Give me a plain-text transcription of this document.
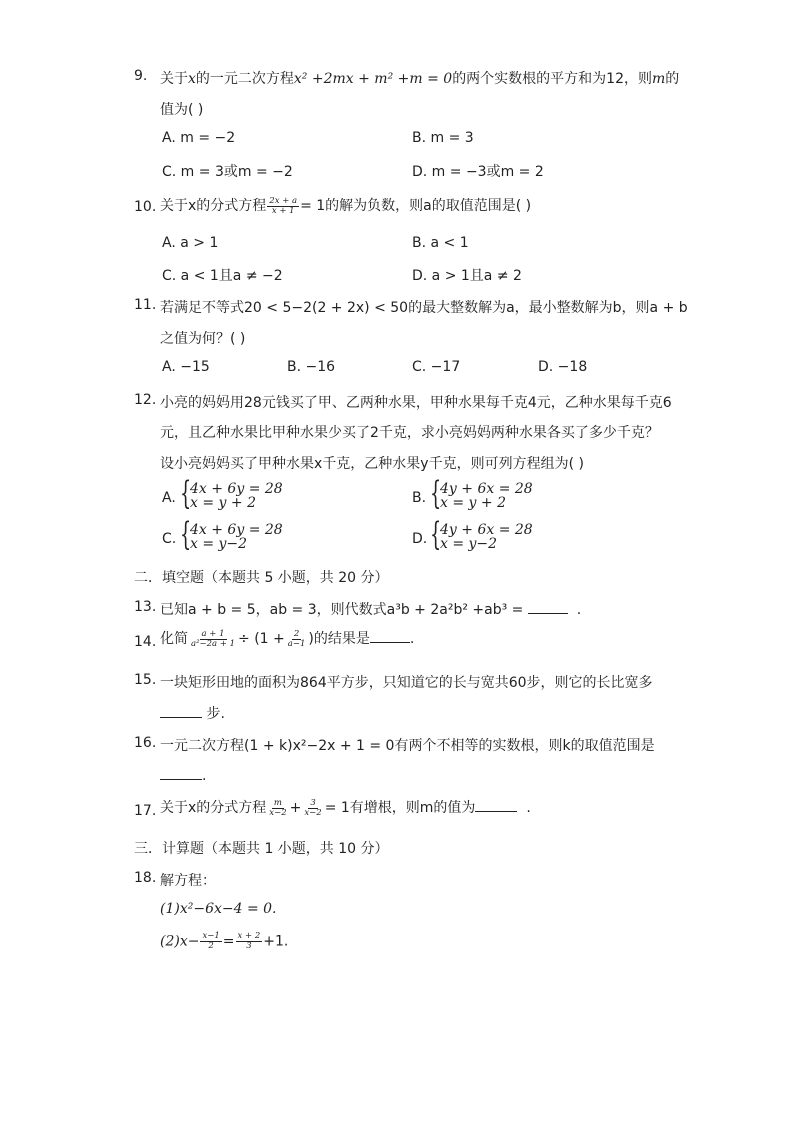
9. 关于x的一元二次方程x² +2mx + m² +m = 0的两个实数根的平方和为12，则m的
值为( )
A. m = −2	B. m = 3
C. m = 3或m = −2	D. m = −3或m = 2
10. 关于x的分式方程 $\frac{2x + a}{x + 1} = 1$的解为负数，则a的取值范围是( )
A. a > 1	B. a < 1
C. a < 1且a ≠ −2	D. a > 1且a ≠ 2
11. 若满足不等式20 < 5−2(2 + 2x) < 50的最大整数解为a，最小整数解为b，则a + b
之值为何？( )
A. −15	B. −16	C. −17	D. −18
12. 小亮的妈妈用28元钱买了甲、乙两种水果，甲种水果每千克4元，乙种水果每千克6
元，且乙种水果比甲种水果少买了2千克，求小亮妈妈两种水果各买了多少千克？
设小亮妈妈买了甲种水果x千克，乙种水果y千克，则可列方程组为( )
A. {
4x + 6y = 28
x = y + 2	B. {
4y + 6x = 28
x = y + 2
C. {
4x + 6y = 28
x = y−2	D. {
4y + 6x = 28
x = y−2
二．填空题（本题共 5 小题，共 20 分）
13. 已知a + b = 5，ab = 3，则代数式a³b + 2a²b² +ab³ =	.
14. 化简 $\frac{a + 1}{\text{a²−2a + 1}} \div (1 + \frac{2}{a-1}$ )的结果是	.
15. 一块矩形田地的面积为864平方步，只知道它的长与宽共60步，则它的长比宽多
步.
16. 一元二次方程(1 + k)x²−2x + 1 = 0有两个不相等的实数根，则k的取值范围是
.
17. 关于x的分式方程 $\frac{m}{x-2} + \frac{3}{x-2} = 1$有增根，则m的值为	.
三．计算题（本题共 1 小题，共 10 分）
18. 解方程：
(1)x²−6x−4 = 0.
$(2)x- \frac{x-1}{2} = \frac{x + 2}{3} +1$.
